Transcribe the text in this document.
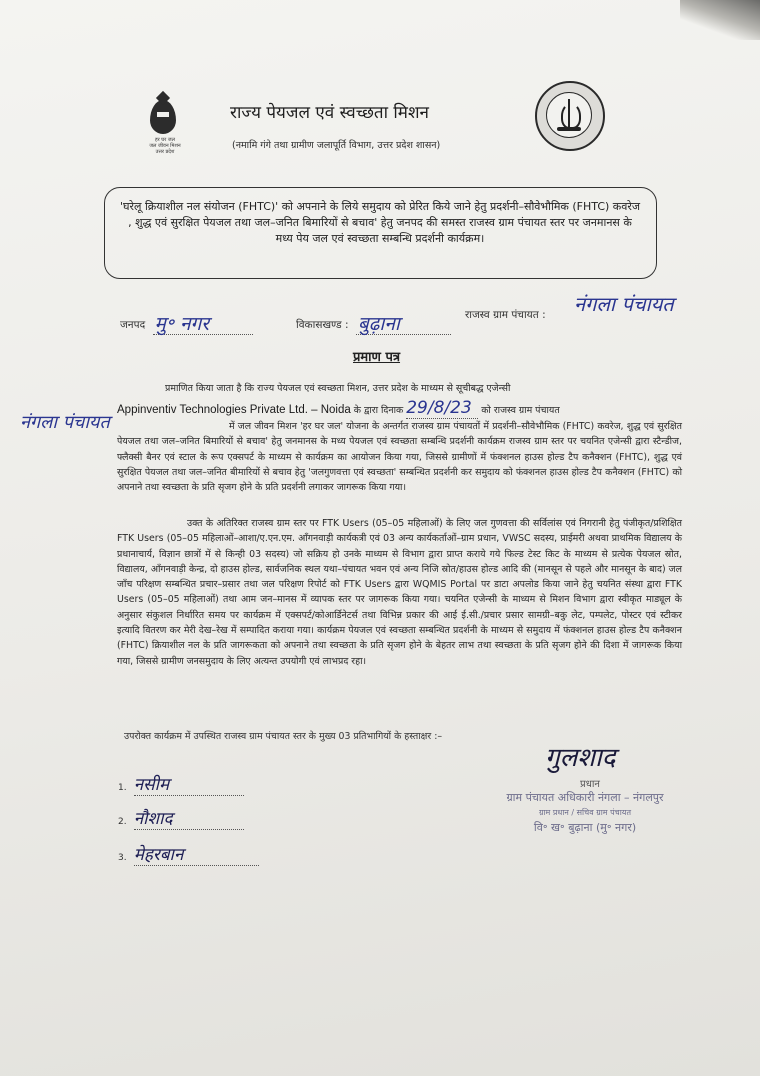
हर घर जल
जल जीवन मिशन
उत्तर प्रदेश
राज्य पेयजल एवं स्वच्छता मिशन
(नमामि गंगे तथा ग्रामीण जलापूर्ति विभाग, उत्तर प्रदेश शासन)
'घरेलू क्रियाशील नल संयोजन (FHTC)' को अपनाने के लिये समुदाय को प्रेरित किये जाने हेतु प्रदर्शनी–सौवेभौमिक (FHTC) कवरेज , शुद्ध एवं सुरक्षित पेयजल तथा जल–जनित बिमारियों से बचाव' हेतु जनपद की समस्त राजस्व ग्राम पंचायत स्तर पर जनमानस के मध्य पेय जल एवं स्वच्छता सम्बन्धि प्रदर्शनी कार्यक्रम।
जनपद मु॰ नगर	विकासखण्ड : बुढ़ाना	राजस्व ग्राम पंचायत : नंगला पंचायत
प्रमाण पत्र
प्रमाणित किया जाता है कि राज्य पेयजल एवं स्वच्छता मिशन, उत्तर प्रदेश के माध्यम से सूचीबद्ध एजेन्सी
Appinventiv Technologies Private Ltd. – Noida के द्वारा दिनाक 29/8/23 को राजस्व ग्राम पंचायत
नंगला पंचायत	में जल जीवन मिशन 'हर घर जल' योजना के अन्तर्गत राजस्व ग्राम पंचायतों में प्रदर्शनी–सौवेभौमिक (FHTC) कवरेज, शुद्ध एवं सुरक्षित पेयजल तथा जल–जनित बिमारियों से बचाव' हेतु जनमानस के मध्य पेयजल एवं स्वच्छता सम्बन्धि प्रदर्शनी कार्यक्रम राजस्व ग्राम स्तर पर चयनित एजेन्सी द्वारा स्टैन्डीज, फ्लैक्सी बैनर एवं स्टाल के रूप एक्सपर्ट के माध्यम से कार्यक्रम का आयोजन किया गया, जिससे ग्रामीणों में फंक्शनल हाउस होल्ड टैप कनैक्शन (FHTC), शुद्ध एवं सुरक्षित पेयजल तथा जल–जनित बीमारियों से बचाव हेतु 'जलगुणवत्ता एवं स्वच्छता' सम्बन्धित प्रदर्शनी कर समुदाय को फंक्शनल हाउस होल्ड टैप कनैक्शन (FHTC) को अपनाने तथा स्वच्छता के प्रति सृजग होने के प्रति प्रदर्शनी लगाकर जागरूक किया गया।
उक्त के अतिरिक्त राजस्व ग्राम स्तर पर FTK Users (05–05 महिलाओं) के लिए जल गुणवत्ता की सर्विलांस एवं निगरानी हेतु पंजीकृत/प्रशिक्षित FTK Users (05–05 महिलाओं–आशा/ए.एन.एम. आँगनवाड़ी कार्यकत्री एवं 03 अन्य कार्यकर्ताओं–ग्राम प्रधान, VWSC सदस्य, प्राईमरी अथवा प्राथमिक विद्यालय के प्रधानाचार्य, विज्ञान छात्रों में से किन्ही 03 सदस्य) जो सक्रिय हो उनके माध्यम से विभाग द्वारा प्राप्त कराये गये फिल्ड टेस्ट किट के माध्यम से प्रत्येक पेयजल स्रोत, विद्यालय, आँगनवाड़ी केन्द्र, दो हाउस होल्ड, सार्वजनिक स्थल यथा–पंचायत भवन एवं अन्य निजि स्रोत/हाउस होल्ड आदि की (मानसून से पहले और मानसून के बाद) जल जाँच परिक्षण सम्बन्धित प्रचार–प्रसार तथा जल परिक्षण रिपोर्ट को FTK Users द्वारा WQMIS Portal पर डाटा अपलोड किया जाने हेतु चयनित संस्था द्वारा FTK Users (05–05 महिलाओं) तथा आम जन–मानस में व्यापक स्तर पर जागरूक किया गया। चयनित एजेन्सी के माध्यम से मिशन विभाग द्वारा स्वीकृत माड्यूल के अनुसार संकुशल निर्धारित समय पर कार्यक्रम में एक्सपर्ट/कोआर्डिनेटर्स तथा विभिन्न प्रकार की आई ई.सी./प्रचार प्रसार सामग्री–बकु लेट, पम्पलेट, पोस्टर एवं स्टीकर इत्यादि वितरण कर मेरी देख–रेख में सम्पादित कराया गया। कार्यक्रम पेयजल एवं स्वच्छता सम्बन्धित प्रदर्शनी के माध्यम से समुदाय में फंक्शनल हाउस होल्ड टैप कनैक्शन (FHTC) क्रियाशील नल के प्रति जागरूकता को अपनाने तथा स्वच्छता के प्रति सृजग होने के बेहतर लाभ तथा स्वच्छता के प्रति सृजग होने की दिशा में जागरूक किया गया, जिससे ग्रामीण जनसमुदाय के लिए अत्यन्त उपयोगी एवं लाभप्रद रहा।
उपरोक्त कार्यक्रम में उपस्थित राजस्व ग्राम पंचायत स्तर के मुख्य 03 प्रतिभागियों के हस्ताक्षर :–
1. नसीम
2. नौशाद
3. मेहरबान
गुलशाद
प्रधान
ग्राम पंचायत अधिकारी नंगला – नंगलपुर
ग्राम प्रधान / सचिव ग्राम पंचायत
वि॰ ख॰ बुढ़ाना (मु॰ नगर)
